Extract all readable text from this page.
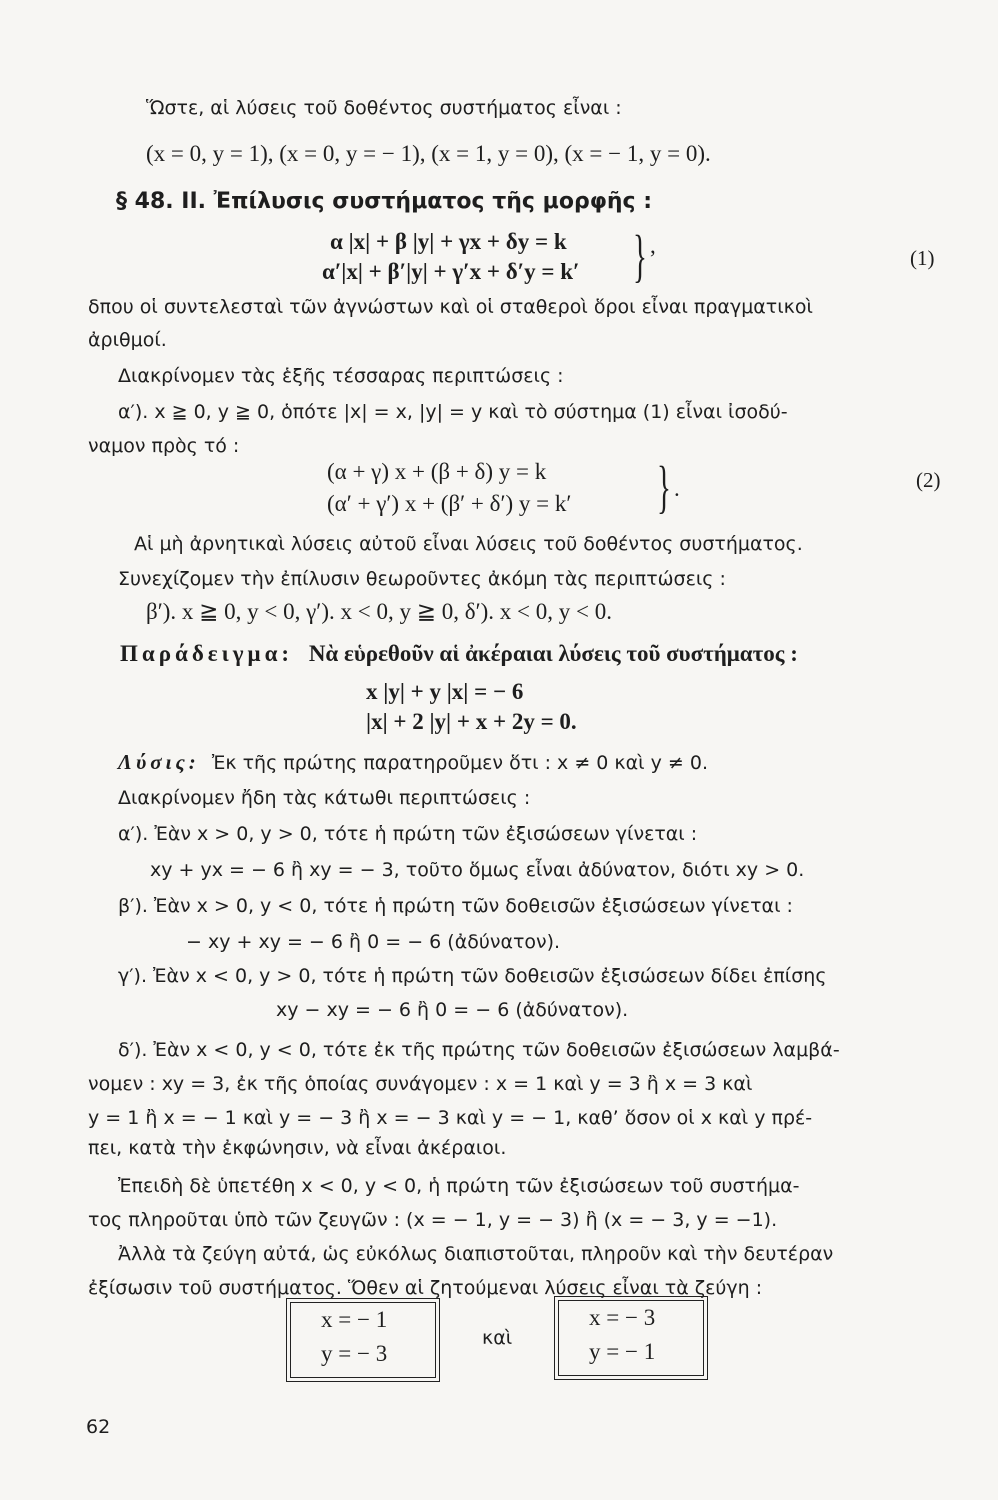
Ὥστε, αἱ λύσεις τοῦ δοθέντος συστήματος εἶναι :
(x = 0, y = 1), (x = 0, y = − 1), (x = 1, y = 0), (x = − 1, y = 0).
§ 48. II. Ἐπίλυσις συστήματος τῆς μορφῆς :
α |x| + β |y| + γx + δy = k
α′|x| + β′|y| + γ′x + δ′y = k′ } ,	(1)
δπου οἱ συντελεσταὶ τῶν ἀγνώστων καὶ οἱ σταθεροὶ ὅροι εἶναι πραγματικοὶ
ἀριθμοί.
Διακρίνομεν τὰς ἑξῆς τέσσαρας περιπτώσεις :
α′). x ≧ 0, y ≧ 0, ὁπότε |x| = x, |y| = y καὶ τὸ σύστημα (1) εἶναι ἰσοδύ-
ναμον πρὸς τό :
(α + γ) x + (β + δ) y = k
(α′ + γ′) x + (β′ + δ′) y = k′ } .	(2)
Αἱ μὴ ἀρνητικαὶ λύσεις αὐτοῦ εἶναι λύσεις τοῦ δοθέντος συστήματος.
Συνεχίζομεν τὴν ἐπίλυσιν θεωροῦντες ἀκόμη τὰς περιπτώσεις :
β′). x ≧ 0, y < 0, γ′). x < 0, y ≧ 0, δ′). x < 0, y < 0.
Παράδειγμα: Νὰ εὑρεθοῦν αἱ ἀκέραιαι λύσεις τοῦ συστήματος :
x |y| + y |x| = − 6
|x| + 2 |y| + x + 2y = 0.
Λύσις: Ἐκ τῆς πρώτης παρατηροῦμεν ὅτι : x ≠ 0 καὶ y ≠ 0.
Διακρίνομεν ἤδη τὰς κάτωθι περιπτώσεις :
α′). Ἐὰν x > 0, y > 0, τότε ἡ πρώτη τῶν ἐξισώσεων γίνεται :
xy + yx = − 6 ἢ xy = − 3, τοῦτο ὅμως εἶναι ἀδύνατον, διότι xy > 0.
β′). Ἐὰν x > 0, y < 0, τότε ἡ πρώτη τῶν δοθεισῶν ἐξισώσεων γίνεται :
− xy + xy = − 6 ἢ 0 = − 6 (ἀδύνατον).
γ′). Ἐὰν x < 0, y > 0, τότε ἡ πρώτη τῶν δοθεισῶν ἐξισώσεων δίδει ἐπίσης
xy − xy = − 6 ἢ 0 = − 6 (ἀδύνατον).
δ′). Ἐὰν x < 0, y < 0, τότε ἐκ τῆς πρώτης τῶν δοθεισῶν ἐξισώσεων λαμβά-
νομεν : xy = 3, ἐκ τῆς ὁποίας συνάγομεν : x = 1 καὶ y = 3 ἢ x = 3 καὶ
y = 1 ἢ x = − 1 καὶ y = − 3 ἢ x = − 3 καὶ y = − 1, καθ’ ὅσον οἱ x καὶ y πρέ-
πει, κατὰ τὴν ἐκφώνησιν, νὰ εἶναι ἀκέραιοι.
Ἐπειδὴ δὲ ὑπετέθη x < 0, y < 0, ἡ πρώτη τῶν ἐξισώσεων τοῦ συστήμα-
τος πληροῦται ὑπὸ τῶν ζευγῶν : (x = − 1, y = − 3) ἢ (x = − 3, y = −1).
Ἀλλὰ τὰ ζεύγη αὐτά, ὡς εὐκόλως διαπιστοῦται, πληροῦν καὶ τὴν δευτέραν
ἐξίσωσιν τοῦ συστήματος. Ὅθεν αἱ ζητούμεναι λύσεις εἶναι τὰ ζεύγη :
x = − 1
y = − 3
καὶ
x = − 3
y = − 1
62
